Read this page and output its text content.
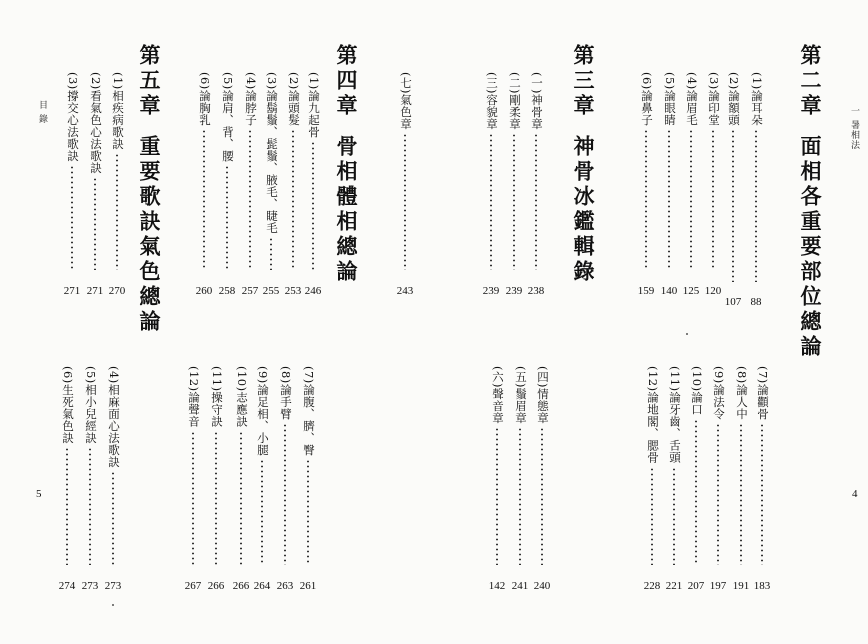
一 暑相法
目 錄
5	4
第二章面相各重要部位總論
第三章神骨冰鑑輯錄
第四章骨相體相總論
第五章重要歌訣氣色總論
(1)論耳朵
88
(2)論額頭
107
(3)論印堂
120
(4)論眉毛
125
(5)論眼睛
140
(6)論鼻子
159
(7)論顴骨
183
(8)論人中
191
(9)論法令
197
(10)論口
207
(11)論牙齒、舌頭
221
(12)論地閣、腮骨
228
(一)神骨章
238
(二)剛柔章
239
(三)容貌章
239
(四)情態章
240
(五)鬚眉章
241
(六)聲音章
142
(七)氣色章
243
(1)論九起骨
246
(2)論頭髮
253
(3)論鬍鬚、髭鬚、腋毛、睫毛
255
(4)論脖子
257
(5)論肩、背、腰
258
(6)論胸乳
260
(7)論腹、臍、臀
261
(8)論手臂
263
(9)論足相、小腿
264
(10)志應訣
266
(11)操守訣
266
(12)論聲音
267
(1)相疾病歌訣
270
(2)看氣色心法歌訣
271
(3)撐交心法歌訣
271
(4)相麻面心法歌訣
273
(5)相小兒經訣
273
(6)生死氣色訣
274
